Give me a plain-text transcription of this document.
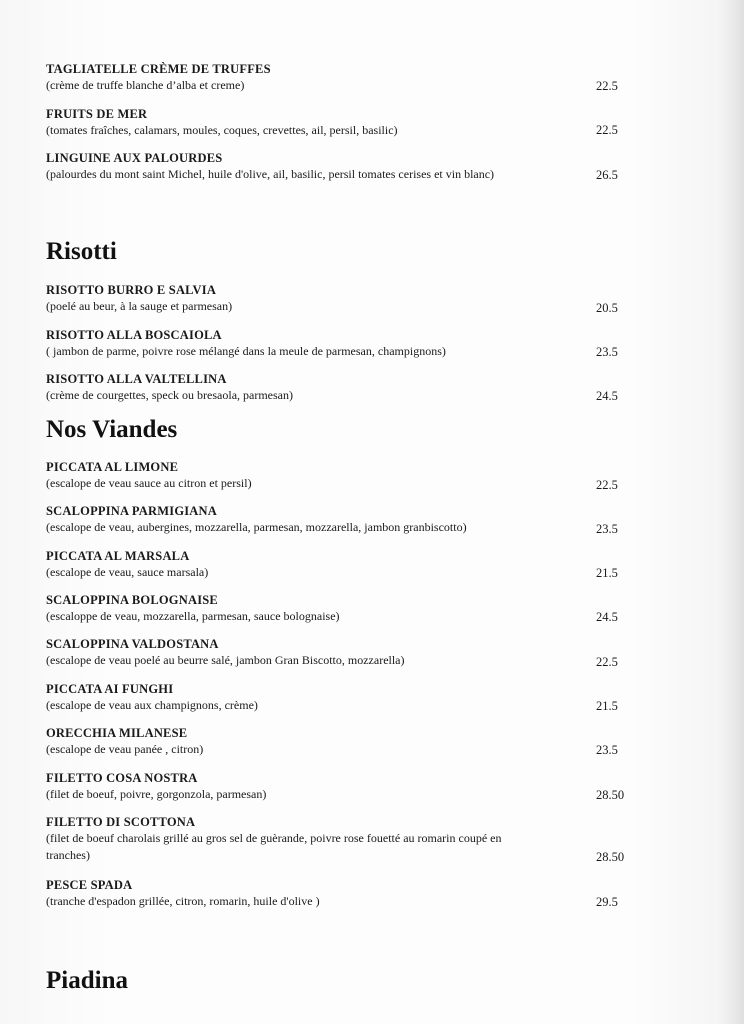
TAGLIATELLE CRÈME DE TRUFFES
(crème de truffe blanche d’alba et creme)	22.5
FRUITS DE MER
(tomates fraîches, calamars, moules, coques, crevettes, ail, persil, basilic)	22.5
LINGUINE AUX PALOURDES
(palourdes du mont saint Michel, huile d'olive, ail, basilic, persil tomates cerises et vin blanc)	26.5
Risotti
RISOTTO BURRO E SALVIA
(poelé au beur, à la sauge et parmesan)	20.5
RISOTTO ALLA BOSCAIOLA
( jambon de parme, poivre rose mélangé dans la meule de parmesan, champignons)	23.5
RISOTTO ALLA VALTELLINA
(crème de courgettes, speck ou bresaola, parmesan)	24.5
Nos Viandes
PICCATA AL LIMONE
(escalope de veau sauce au citron et persil)	22.5
SCALOPPINA PARMIGIANA
(escalope de veau, aubergines, mozzarella, parmesan, mozzarella, jambon granbiscotto)	23.5
PICCATA AL MARSALA
(escalope de veau, sauce marsala)	21.5
SCALOPPINA BOLOGNAISE
(escaloppe de veau, mozzarella, parmesan, sauce bolognaise)	24.5
SCALOPPINA VALDOSTANA
(escalope de veau poelé au beurre salé, jambon Gran Biscotto, mozzarella)	22.5
PICCATA AI FUNGHI
(escalope de veau aux champignons, crème)	21.5
ORECCHIA MILANESE
(escalope de veau panée , citron)	23.5
FILETTO COSA NOSTRA
(filet de boeuf, poivre, gorgonzola, parmesan)	28.50
FILETTO DI SCOTTONA
(filet de boeuf charolais grillé au gros sel de guèrande, poivre rose fouetté au romarin coupé en tranches)	28.50
PESCE SPADA
(tranche d'espadon grillée, citron, romarin, huile d'olive )	29.5
Piadina
